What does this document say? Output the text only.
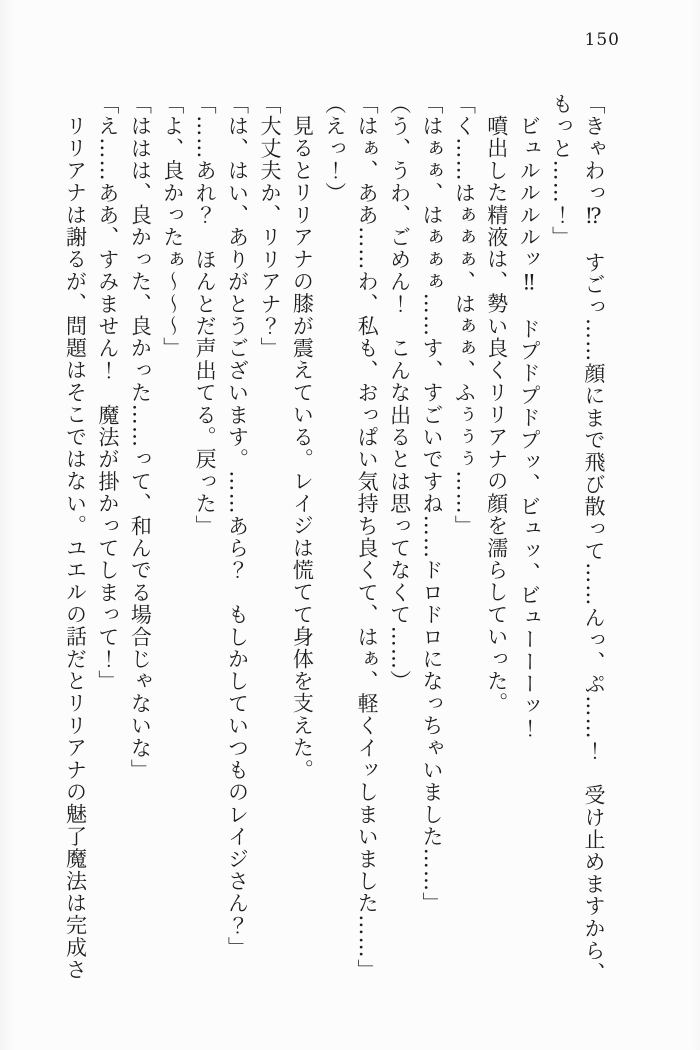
150

「きゃわっ⁉　すごっ……顔にまで飛び散って……んっ、ぷ……！　受け止めますから、

もっと……！」

ビュルルルルッ‼　ドプドプドプッ、ビュッ、ビューーーッ！

噴出した精液は、勢い良くリリアナの顔を濡らしていった。

「く……はぁぁぁ、はぁぁ、ふぅぅぅ……」

「はぁぁ、はぁぁぁ……す、すごいですね……ドロドロになっちゃいました……」

（う、うわ、ごめん！　こんな出るとは思ってなくて……）

「はぁ、ああ……わ、私も、おっぱい気持ち良くて、はぁ、軽くイッしまいました……」

（えっ！）

見るとリリアナの膝が震えている。レイジは慌てて身体を支えた。

「大丈夫か、リリアナ？」

「は、はい、ありがとうございます。……あら？　もしかしていつものレイジさん？」

「……あれ？　ほんとだ声出てる。戻った」

「よ、良かったぁ～～～」

「ははは、良かった、良かった……って、和んでる場合じゃないな」

「え……ああ、すみません！　魔法が掛かってしまって！」

リリアナは謝るが、問題はそこではない。ユエルの話だとリリアナの魅了魔法は完成さ
